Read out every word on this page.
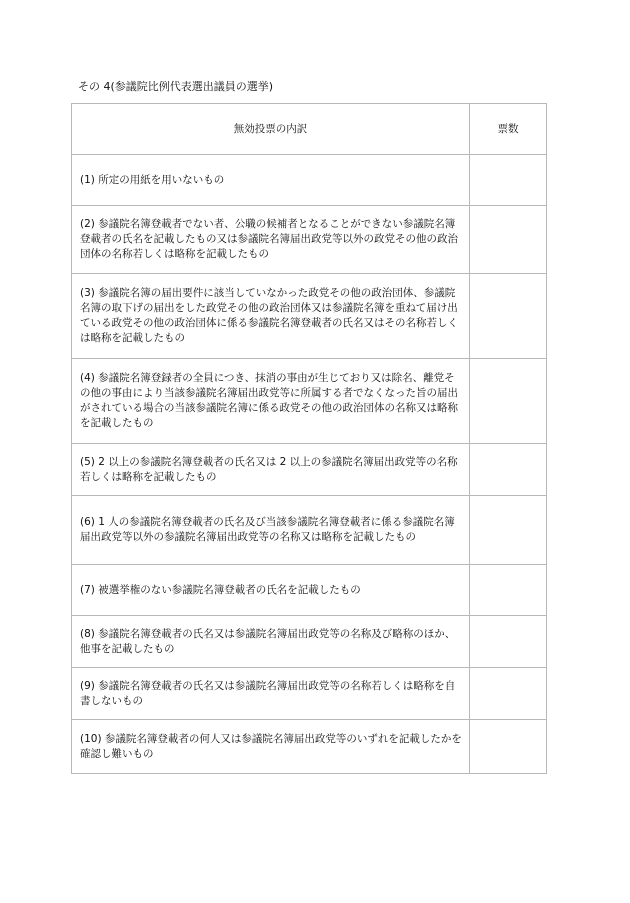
その 4(参議院比例代表選出議員の選挙)
無効投票の内訳	票数

(1) 所定の用紙を用いないもの	

(2) 参議院名簿登載者でない者、公職の候補者となることができない参議院名簿登載者の氏名を記載したもの又は参議院名簿届出政党等以外の政党その他の政治団体の名称若しくは略称を記載したもの	

(3) 参議院名簿の届出要件に該当していなかった政党その他の政治団体、参議院名簿の取下げの届出をした政党その他の政治団体又は参議院名簿を重ねて届け出ている政党その他の政治団体に係る参議院名簿登載者の氏名又はその名称若しくは略称を記載したもの	

(4) 参議院名簿登録者の全員につき、抹消の事由が生じており又は除名、離党その他の事由により当該参議院名簿届出政党等に所属する者でなくなった旨の届出がされている場合の当該参議院名簿に係る政党その他の政治団体の名称又は略称を記載したもの	

(5) 2 以上の参議院名簿登載者の氏名又は 2 以上の参議院名簿届出政党等の名称若しくは略称を記載したもの	

(6) 1 人の参議院名簿登載者の氏名及び当該参議院名簿登載者に係る参議院名簿届出政党等以外の参議院名簿届出政党等の名称又は略称を記載したもの	

(7) 被選挙権のない参議院名簿登載者の氏名を記載したもの	

(8) 参議院名簿登載者の氏名又は参議院名簿届出政党等の名称及び略称のほか、他事を記載したもの	

(9) 参議院名簿登載者の氏名又は参議院名簿届出政党等の名称若しくは略称を自書しないもの	

(10) 参議院名簿登載者の何人又は参議院名簿届出政党等のいずれを記載したかを確認し難いもの	
